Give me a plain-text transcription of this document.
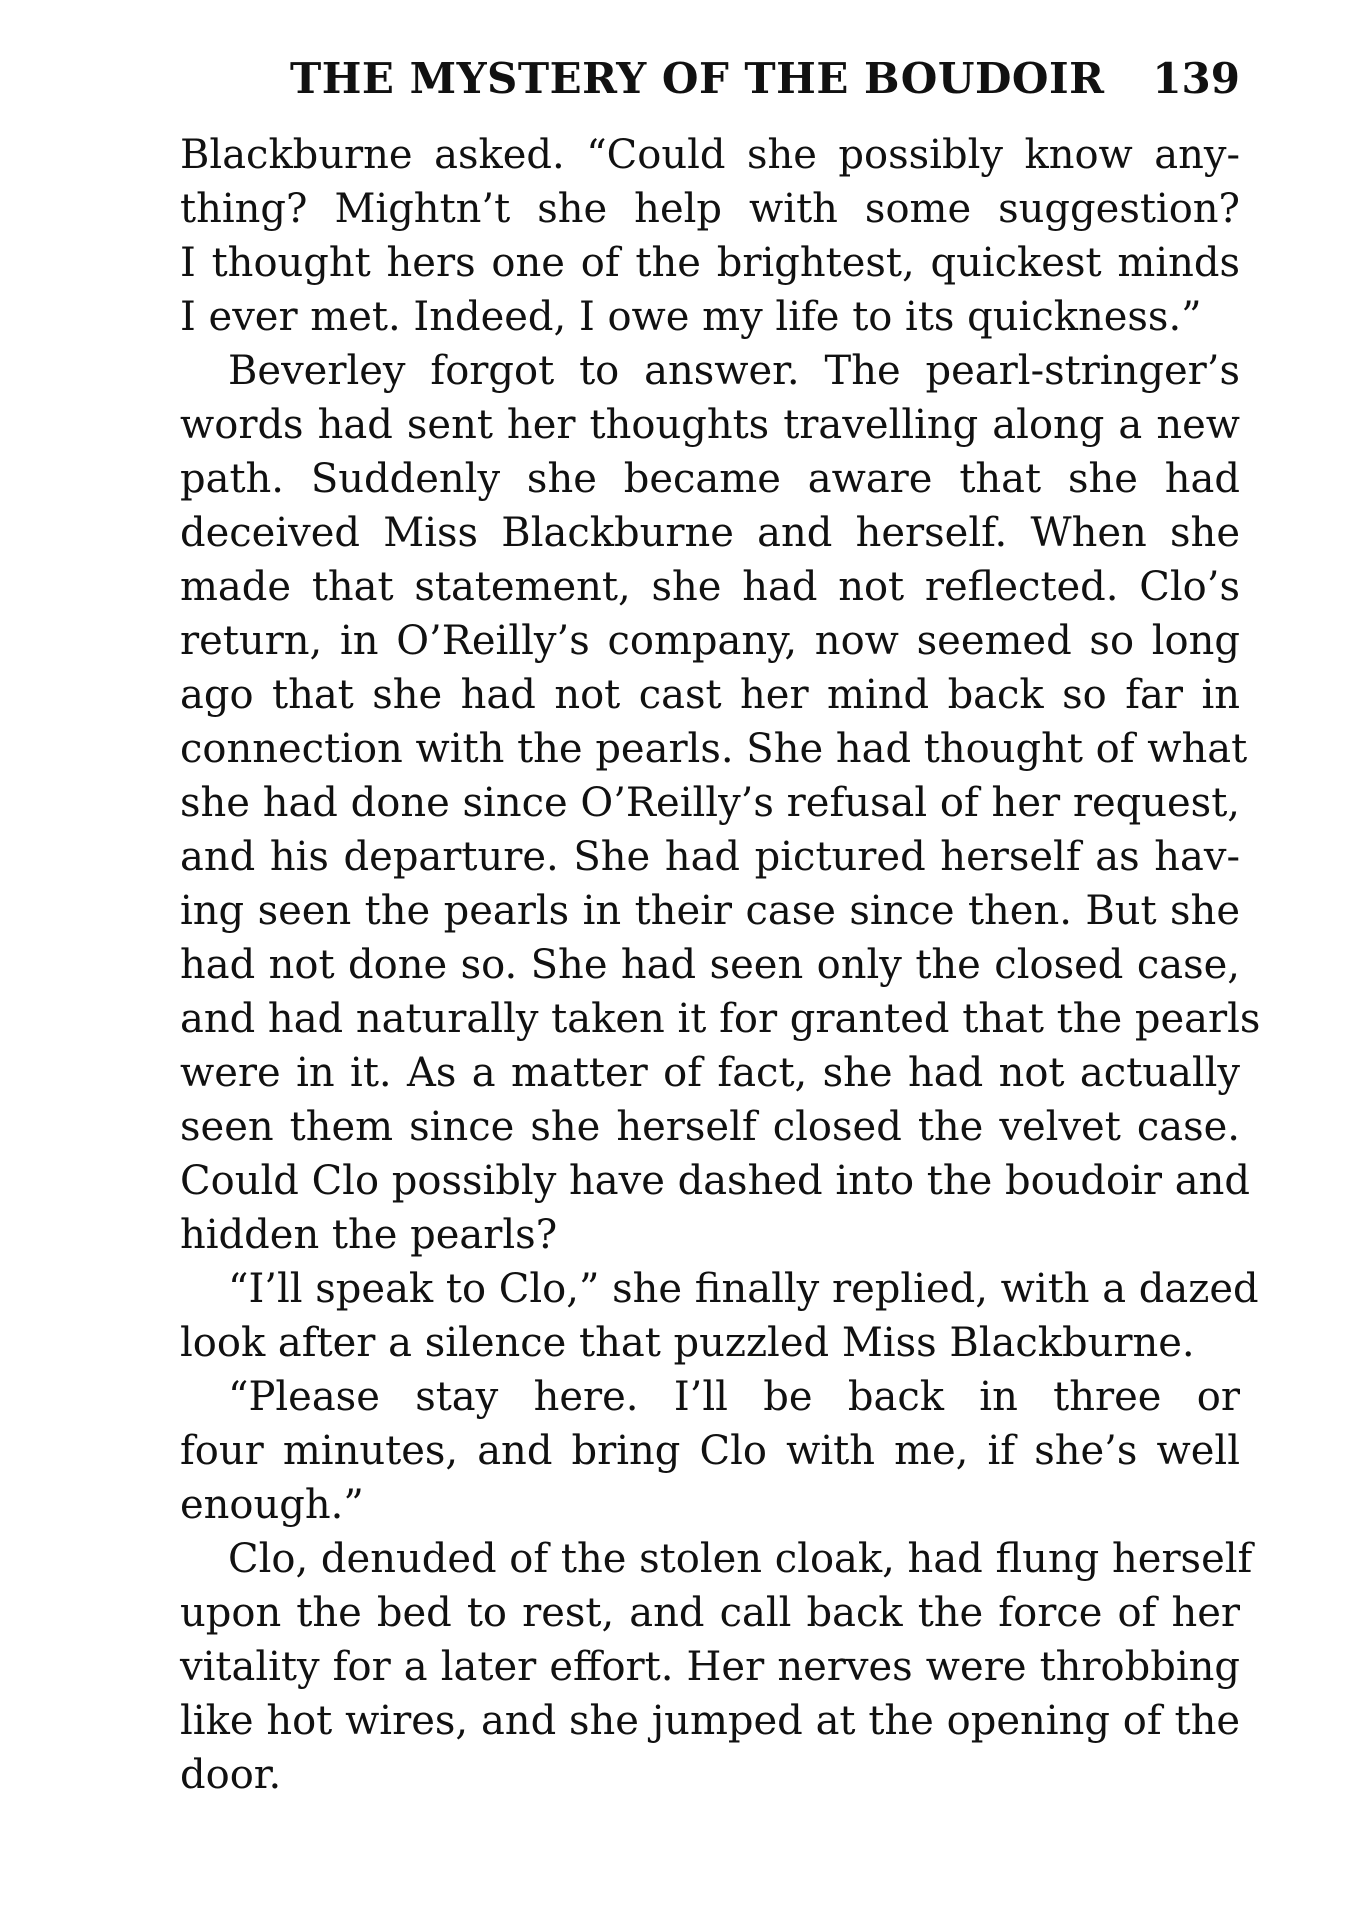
THE MYSTERY OF THE BOUDOIR 139
Blackburne asked. “Could she possibly know any-
thing? Mightn’t she help with some suggestion?
I thought hers one of the brightest, quickest minds
I ever met. Indeed, I owe my life to its quickness.”
Beverley forgot to answer. The pearl-stringer’s
words had sent her thoughts travelling along a new
path. Suddenly she became aware that she had
deceived Miss Blackburne and herself. When she
made that statement, she had not reflected. Clo’s
return, in O’Reilly’s company, now seemed so long
ago that she had not cast her mind back so far in
connection with the pearls. She had thought of what
she had done since O’Reilly’s refusal of her request,
and his departure. She had pictured herself as hav-
ing seen the pearls in their case since then. But she
had not done so. She had seen only the closed case,
and had naturally taken it for granted that the pearls
were in it. As a matter of fact, she had not actually
seen them since she herself closed the velvet case.
Could Clo possibly have dashed into the boudoir and
hidden the pearls?
“I’ll speak to Clo,” she finally replied, with a dazed
look after a silence that puzzled Miss Blackburne.
“Please stay here. I’ll be back in three or
four minutes, and bring Clo with me, if she’s well
enough.”
Clo, denuded of the stolen cloak, had flung herself
upon the bed to rest, and call back the force of her
vitality for a later effort. Her nerves were throbbing
like hot wires, and she jumped at the opening of the
door.
